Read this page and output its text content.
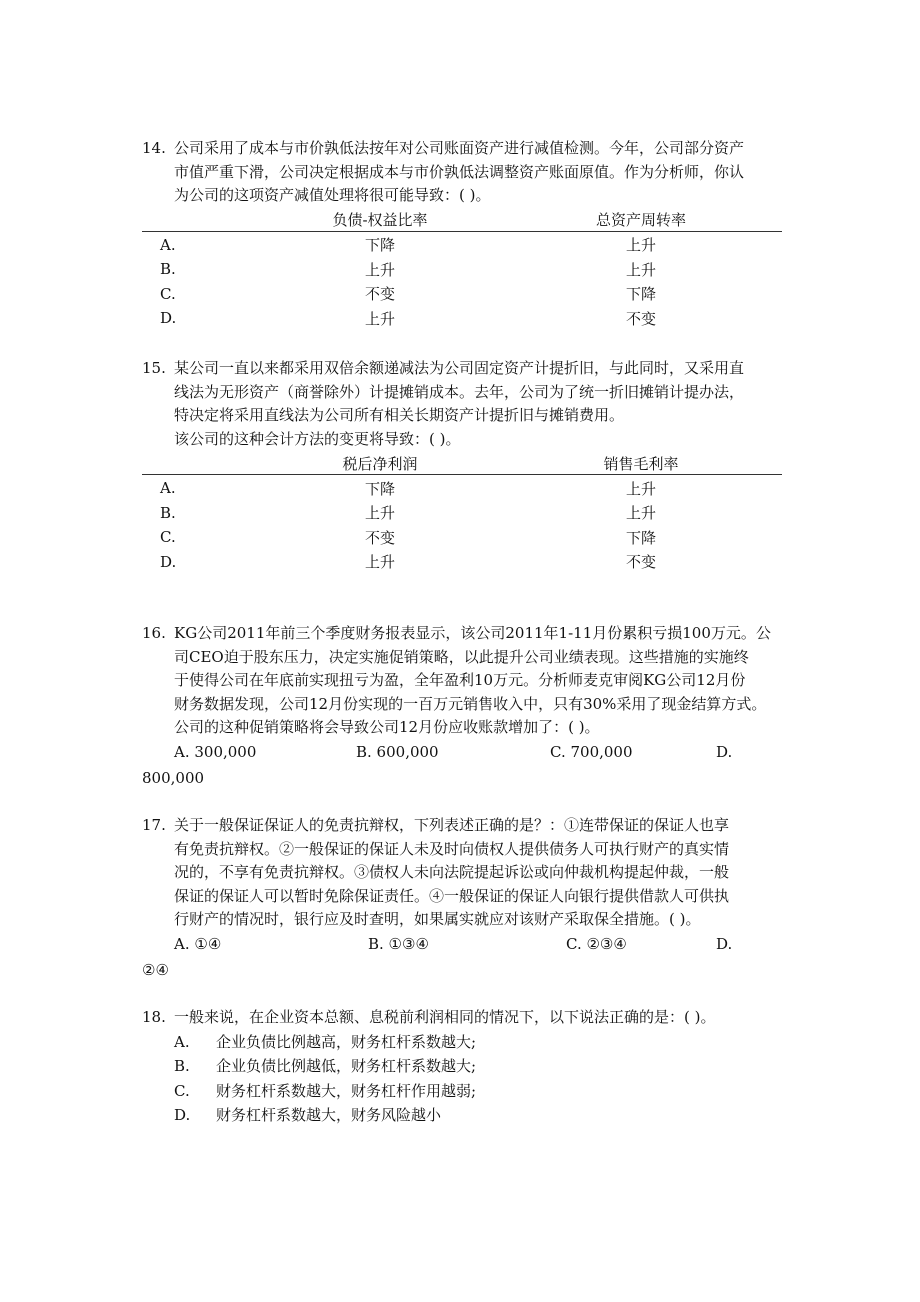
14. 公司采用了成本与市价孰低法按年对公司账面资产进行减值检测。今年，公司部分资产
市值严重下滑，公司决定根据成本与市价孰低法调整资产账面原值。作为分析师，你认
为公司的这项资产减值处理将很可能导致：( )。
	负债-权益比率	总资产周转率
A.	下降	上升
B.	上升	上升
C.	不变	下降
D.	上升	不变
15. 某公司一直以来都采用双倍余额递减法为公司固定资产计提折旧，与此同时，又采用直
线法为无形资产（商誉除外）计提摊销成本。去年，公司为了统一折旧摊销计提办法，
特决定将采用直线法为公司所有相关长期资产计提折旧与摊销费用。
该公司的这种会计方法的变更将导致：( )。
	税后净利润	销售毛利率
A.	下降	上升
B.	上升	上升
C.	不变	下降
D.	上升	不变
16. KG公司2011年前三个季度财务报表显示，该公司2011年1-11月份累积亏损100万元。公
司CEO迫于股东压力，决定实施促销策略，以此提升公司业绩表现。这些措施的实施终
于使得公司在年底前实现扭亏为盈，全年盈利10万元。分析师麦克审阅KG公司12月份
财务数据发现，公司12月份实现的一百万元销售收入中，只有30%采用了现金结算方式。
公司的这种促销策略将会导致公司12月份应收账款增加了：( )。
A. 300,000	B. 600,000	C. 700,000	D.
800,000
17. 关于一般保证保证人的免责抗辩权，下列表述正确的是？：①连带保证的保证人也享
有免责抗辩权。②一般保证的保证人未及时向债权人提供债务人可执行财产的真实情
况的，不享有免责抗辩权。③债权人未向法院提起诉讼或向仲裁机构提起仲裁，一般
保证的保证人可以暂时免除保证责任。④一般保证的保证人向银行提供借款人可供执
行财产的情况时，银行应及时查明，如果属实就应对该财产采取保全措施。( )。
A. ①④	B. ①③④	C. ②③④	D.
②④
18. 一般来说，在企业资本总额、息税前利润相同的情况下，以下说法正确的是：( )。
A.	企业负债比例越高，财务杠杆系数越大;
B.	企业负债比例越低，财务杠杆系数越大;
C.	财务杠杆系数越大，财务杠杆作用越弱;
D.	财务杠杆系数越大，财务风险越小
